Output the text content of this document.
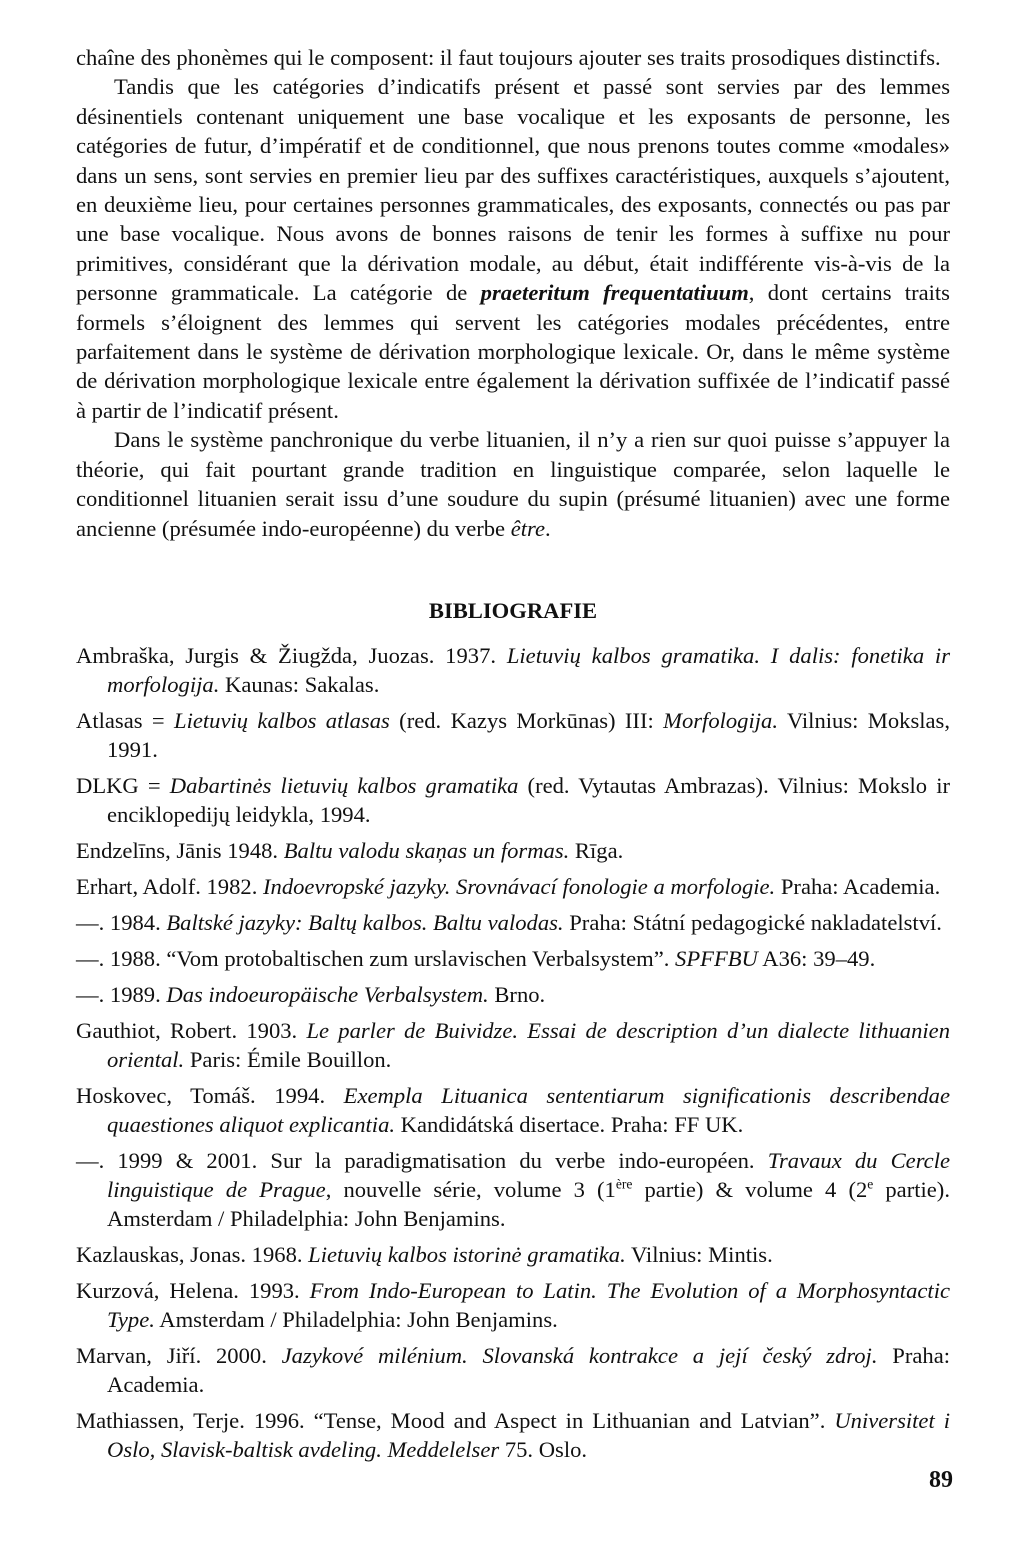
chaîne des phonèmes qui le composent: il faut toujours ajouter ses traits prosodiques distinctifs.

Tandis que les catégories d’indicatifs présent et passé sont servies par des lemmes désinentiels contenant uniquement une base vocalique et les exposants de personne, les catégories de futur, d’impératif et de conditionnel, que nous prenons toutes comme «modales» dans un sens, sont servies en premier lieu par des suffixes caractéristiques, auxquels s’ajoutent, en deuxième lieu, pour certaines personnes grammaticales, des exposants, connectés ou pas par une base vocalique. Nous avons de bonnes raisons de tenir les formes à suffixe nu pour primitives, considérant que la dérivation modale, au début, était indifférente vis-à-vis de la personne grammaticale. La catégorie de praeteritum frequentatiuum, dont certains traits formels s’éloignent des lemmes qui servent les catégories modales précédentes, entre parfaitement dans le système de dérivation morphologique lexicale. Or, dans le même système de dérivation morphologique lexicale entre également la dérivation suffixée de l’indicatif passé à partir de l’indicatif présent.

Dans le système panchronique du verbe lituanien, il n’y a rien sur quoi puisse s’appuyer la théorie, qui fait pourtant grande tradition en linguistique comparée, selon laquelle le conditionnel lituanien serait issu d’une soudure du supin (présumé lituanien) avec une forme ancienne (présumée indo-européenne) du verbe être.

BIBLIOGRAFIE
Ambraška, Jurgis & Žiugžda, Juozas. 1937. Lietuvių kalbos gramatika. I dalis: fonetika ir morfologija. Kaunas: Sakalas.
Atlasas = Lietuvių kalbos atlasas (red. Kazys Morkūnas) III: Morfologija. Vilnius: Mokslas, 1991.
DLKG = Dabartinės lietuvių kalbos gramatika (red. Vytautas Ambrazas). Vilnius: Mokslo ir enciklopedijų leidykla, 1994.
Endzelīns, Jānis 1948. Baltu valodu skaņas un formas. Rīga.
Erhart, Adolf. 1982. Indoevropské jazyky. Srovnávací fonologie a morfologie. Praha: Academia.
—. 1984. Baltské jazyky: Baltų kalbos. Baltu valodas. Praha: Státní pedagogické nakladatelství.
—. 1988. “Vom protobaltischen zum urslavischen Verbalsystem”. SPFFBU A36: 39–49.
—. 1989. Das indoeuropäische Verbalsystem. Brno.
Gauthiot, Robert. 1903. Le parler de Buividze. Essai de description d’un dialecte lithuanien oriental. Paris: Émile Bouillon.
Hoskovec, Tomáš. 1994. Exempla Lituanica sententiarum significationis describendae quaestiones aliquot explicantia. Kandidátská disertace. Praha: FF UK.
—. 1999 & 2001. Sur la paradigmatisation du verbe indo-européen. Travaux du Cercle linguistique de Prague, nouvelle série, volume 3 (1ère partie) & volume 4 (2e partie). Amsterdam / Philadelphia: John Benjamins.
Kazlauskas, Jonas. 1968. Lietuvių kalbos istorinė gramatika. Vilnius: Mintis.
Kurzová, Helena. 1993. From Indo-European to Latin. The Evolution of a Morphosyntactic Type. Amsterdam / Philadelphia: John Benjamins.
Marvan, Jiří. 2000. Jazykové milénium. Slovanská kontrakce a její český zdroj. Praha: Academia.
Mathiassen, Terje. 1996. “Tense, Mood and Aspect in Lithuanian and Latvian”. Universitet i Oslo, Slavisk-baltisk avdeling. Meddelelser 75. Oslo.
89
